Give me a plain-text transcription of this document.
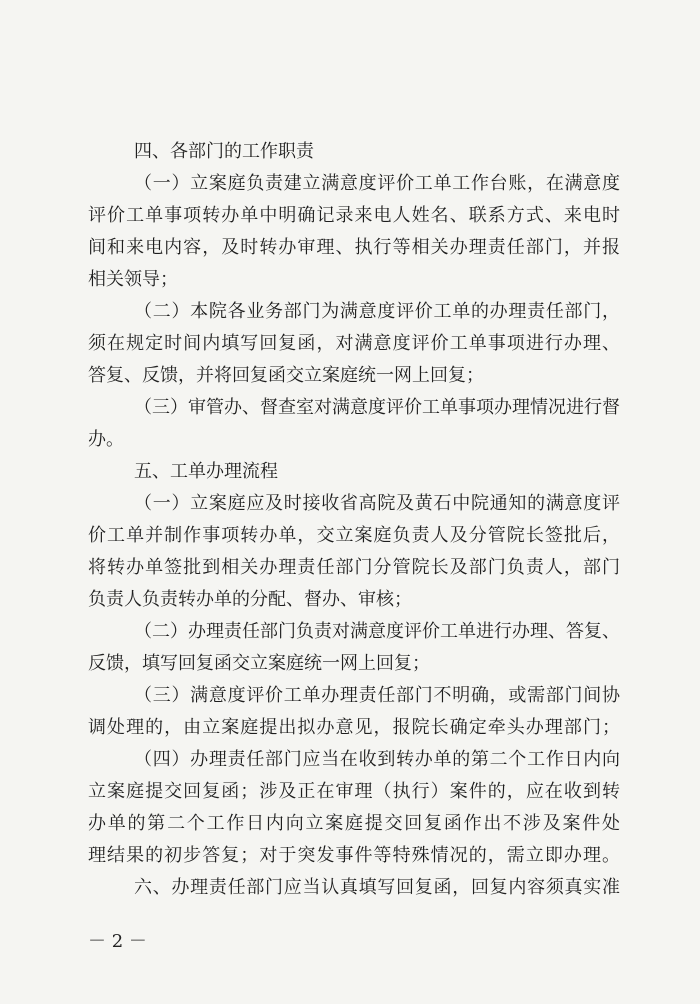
四、各部门的工作职责
（一）立案庭负责建立满意度评价工单工作台账，在满意度
评价工单事项转办单中明确记录来电人姓名、联系方式、来电时
间和来电内容，及时转办审理、执行等相关办理责任部门，并报
相关领导；
（二）本院各业务部门为满意度评价工单的办理责任部门，
须在规定时间内填写回复函，对满意度评价工单事项进行办理、
答复、反馈，并将回复函交立案庭统一网上回复；
（三）审管办、督查室对满意度评价工单事项办理情况进行督
办。
五、工单办理流程
（一）立案庭应及时接收省高院及黄石中院通知的满意度评
价工单并制作事项转办单，交立案庭负责人及分管院长签批后，
将转办单签批到相关办理责任部门分管院长及部门负责人，部门
负责人负责转办单的分配、督办、审核；
（二）办理责任部门负责对满意度评价工单进行办理、答复、
反馈，填写回复函交立案庭统一网上回复；
（三）满意度评价工单办理责任部门不明确，或需部门间协
调处理的，由立案庭提出拟办意见，报院长确定牵头办理部门；
（四）办理责任部门应当在收到转办单的第二个工作日内向
立案庭提交回复函；涉及正在审理（执行）案件的，应在收到转
办单的第二个工作日内向立案庭提交回复函作出不涉及案件处
理结果的初步答复；对于突发事件等特殊情况的，需立即办理。
六、办理责任部门应当认真填写回复函，回复内容须真实准
－ 2 －
